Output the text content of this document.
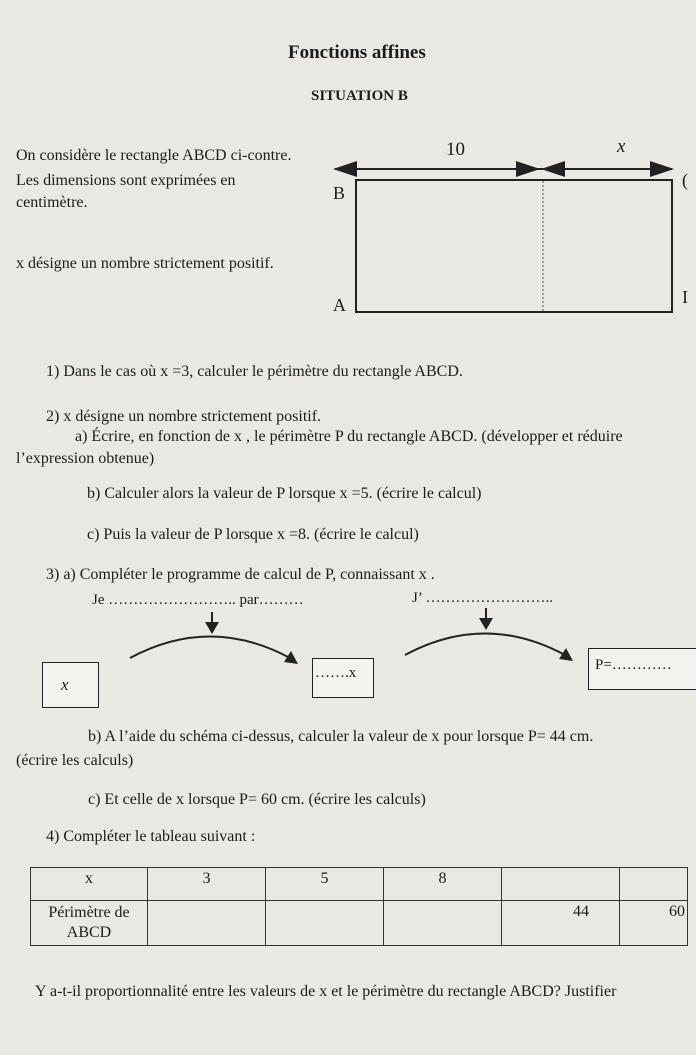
Fonctions affines
SITUATION B
On considère le rectangle ABCD ci-contre.
Les dimensions sont exprimées en
centimètre.
x désigne un nombre strictement positif.
10	x
B
A
(
I
1) Dans le cas où x =3, calculer le périmètre du rectangle ABCD.
2) x désigne un nombre strictement positif.
a) Écrire, en fonction de x , le périmètre P du rectangle ABCD. (développer et réduire
l’expression obtenue)
b) Calculer alors la valeur de P lorsque x =5. (écrire le calcul)
c) Puis la valeur de P lorsque x =8. (écrire le calcul)
3) a) Compléter le programme de calcul de P, connaissant x .
Je …………………….. par………	J’ ……………………..
x
…….x	P=…………
b) A l’aide du schéma ci-dessus, calculer la valeur de x pour lorsque P= 44 cm.
(écrire les calculs)
c) Et celle de x lorsque P= 60 cm. (écrire les calculs)
4) Compléter le tableau suivant :
x	3	5	8		

Périmètre de
ABCD				44	60
Y a-t-il proportionnalité entre les valeurs de x et le périmètre du rectangle ABCD? Justifier
